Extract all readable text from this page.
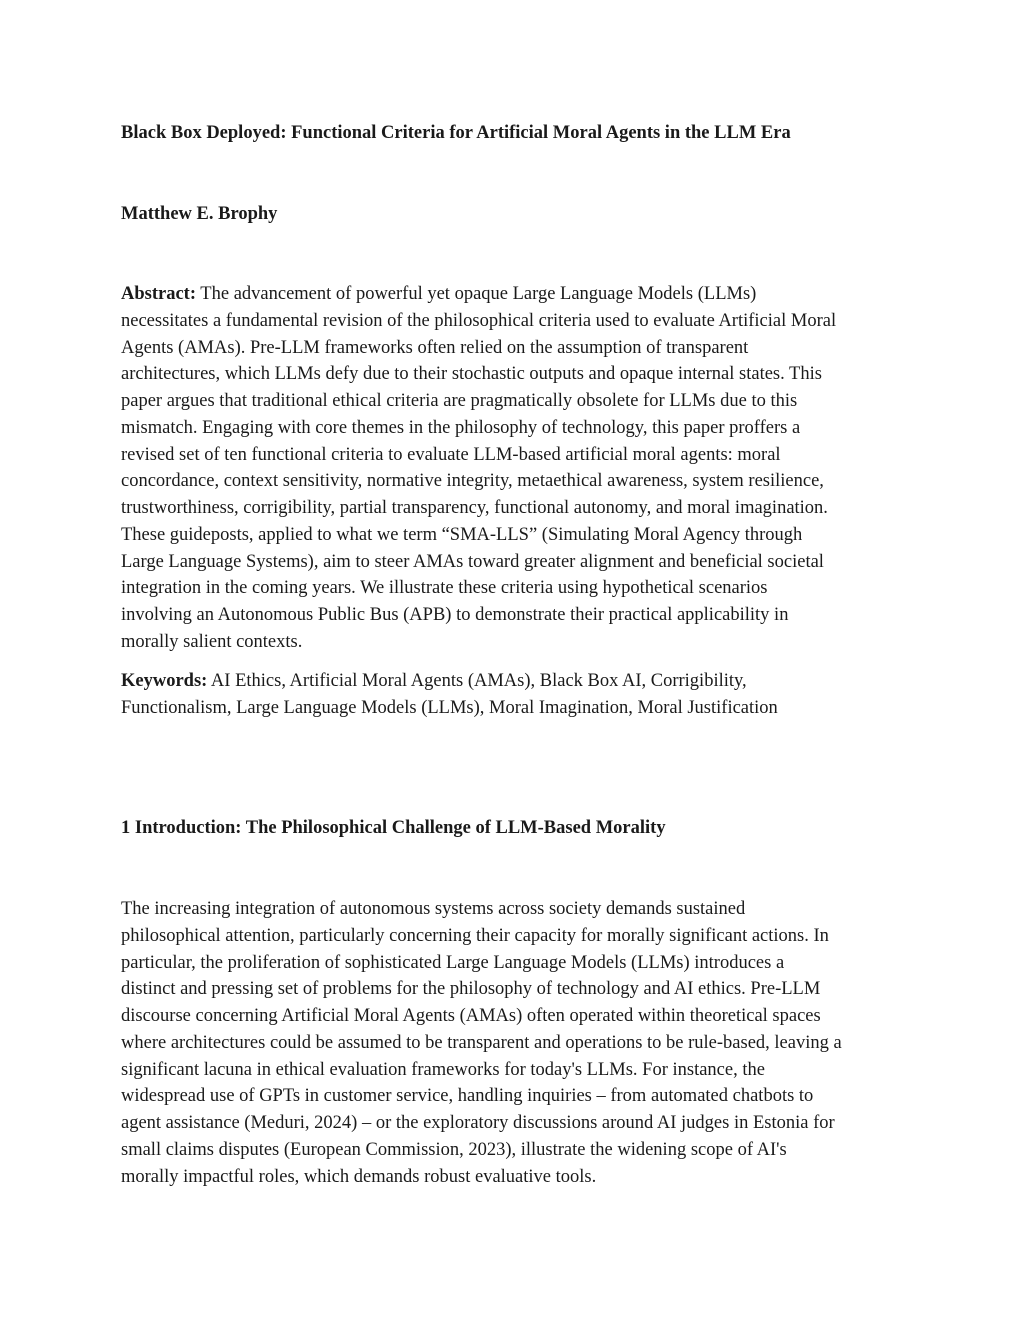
Black Box Deployed: Functional Criteria for Artificial Moral Agents in the LLM Era
Matthew E. Brophy
Abstract: The advancement of powerful yet opaque Large Language Models (LLMs)
necessitates a fundamental revision of the philosophical criteria used to evaluate Artificial Moral
Agents (AMAs). Pre-LLM frameworks often relied on the assumption of transparent
architectures, which LLMs defy due to their stochastic outputs and opaque internal states. This
paper argues that traditional ethical criteria are pragmatically obsolete for LLMs due to this
mismatch. Engaging with core themes in the philosophy of technology, this paper proffers a
revised set of ten functional criteria to evaluate LLM-based artificial moral agents: moral
concordance, context sensitivity, normative integrity, metaethical awareness, system resilience,
trustworthiness, corrigibility, partial transparency, functional autonomy, and moral imagination.
These guideposts, applied to what we term “SMA-LLS” (Simulating Moral Agency through
Large Language Systems), aim to steer AMAs toward greater alignment and beneficial societal
integration in the coming years. We illustrate these criteria using hypothetical scenarios
involving an Autonomous Public Bus (APB) to demonstrate their practical applicability in
morally salient contexts.
Keywords: AI Ethics, Artificial Moral Agents (AMAs), Black Box AI, Corrigibility,
Functionalism, Large Language Models (LLMs), Moral Imagination, Moral Justification
1 Introduction: The Philosophical Challenge of LLM-Based Morality
The increasing integration of autonomous systems across society demands sustained
philosophical attention, particularly concerning their capacity for morally significant actions. In
particular, the proliferation of sophisticated Large Language Models (LLMs) introduces a
distinct and pressing set of problems for the philosophy of technology and AI ethics. Pre-LLM
discourse concerning Artificial Moral Agents (AMAs) often operated within theoretical spaces
where architectures could be assumed to be transparent and operations to be rule-based, leaving a
significant lacuna in ethical evaluation frameworks for today's LLMs. For instance, the
widespread use of GPTs in customer service, handling inquiries – from automated chatbots to
agent assistance (Meduri, 2024) – or the exploratory discussions around AI judges in Estonia for
small claims disputes (European Commission, 2023), illustrate the widening scope of AI's
morally impactful roles, which demands robust evaluative tools.
